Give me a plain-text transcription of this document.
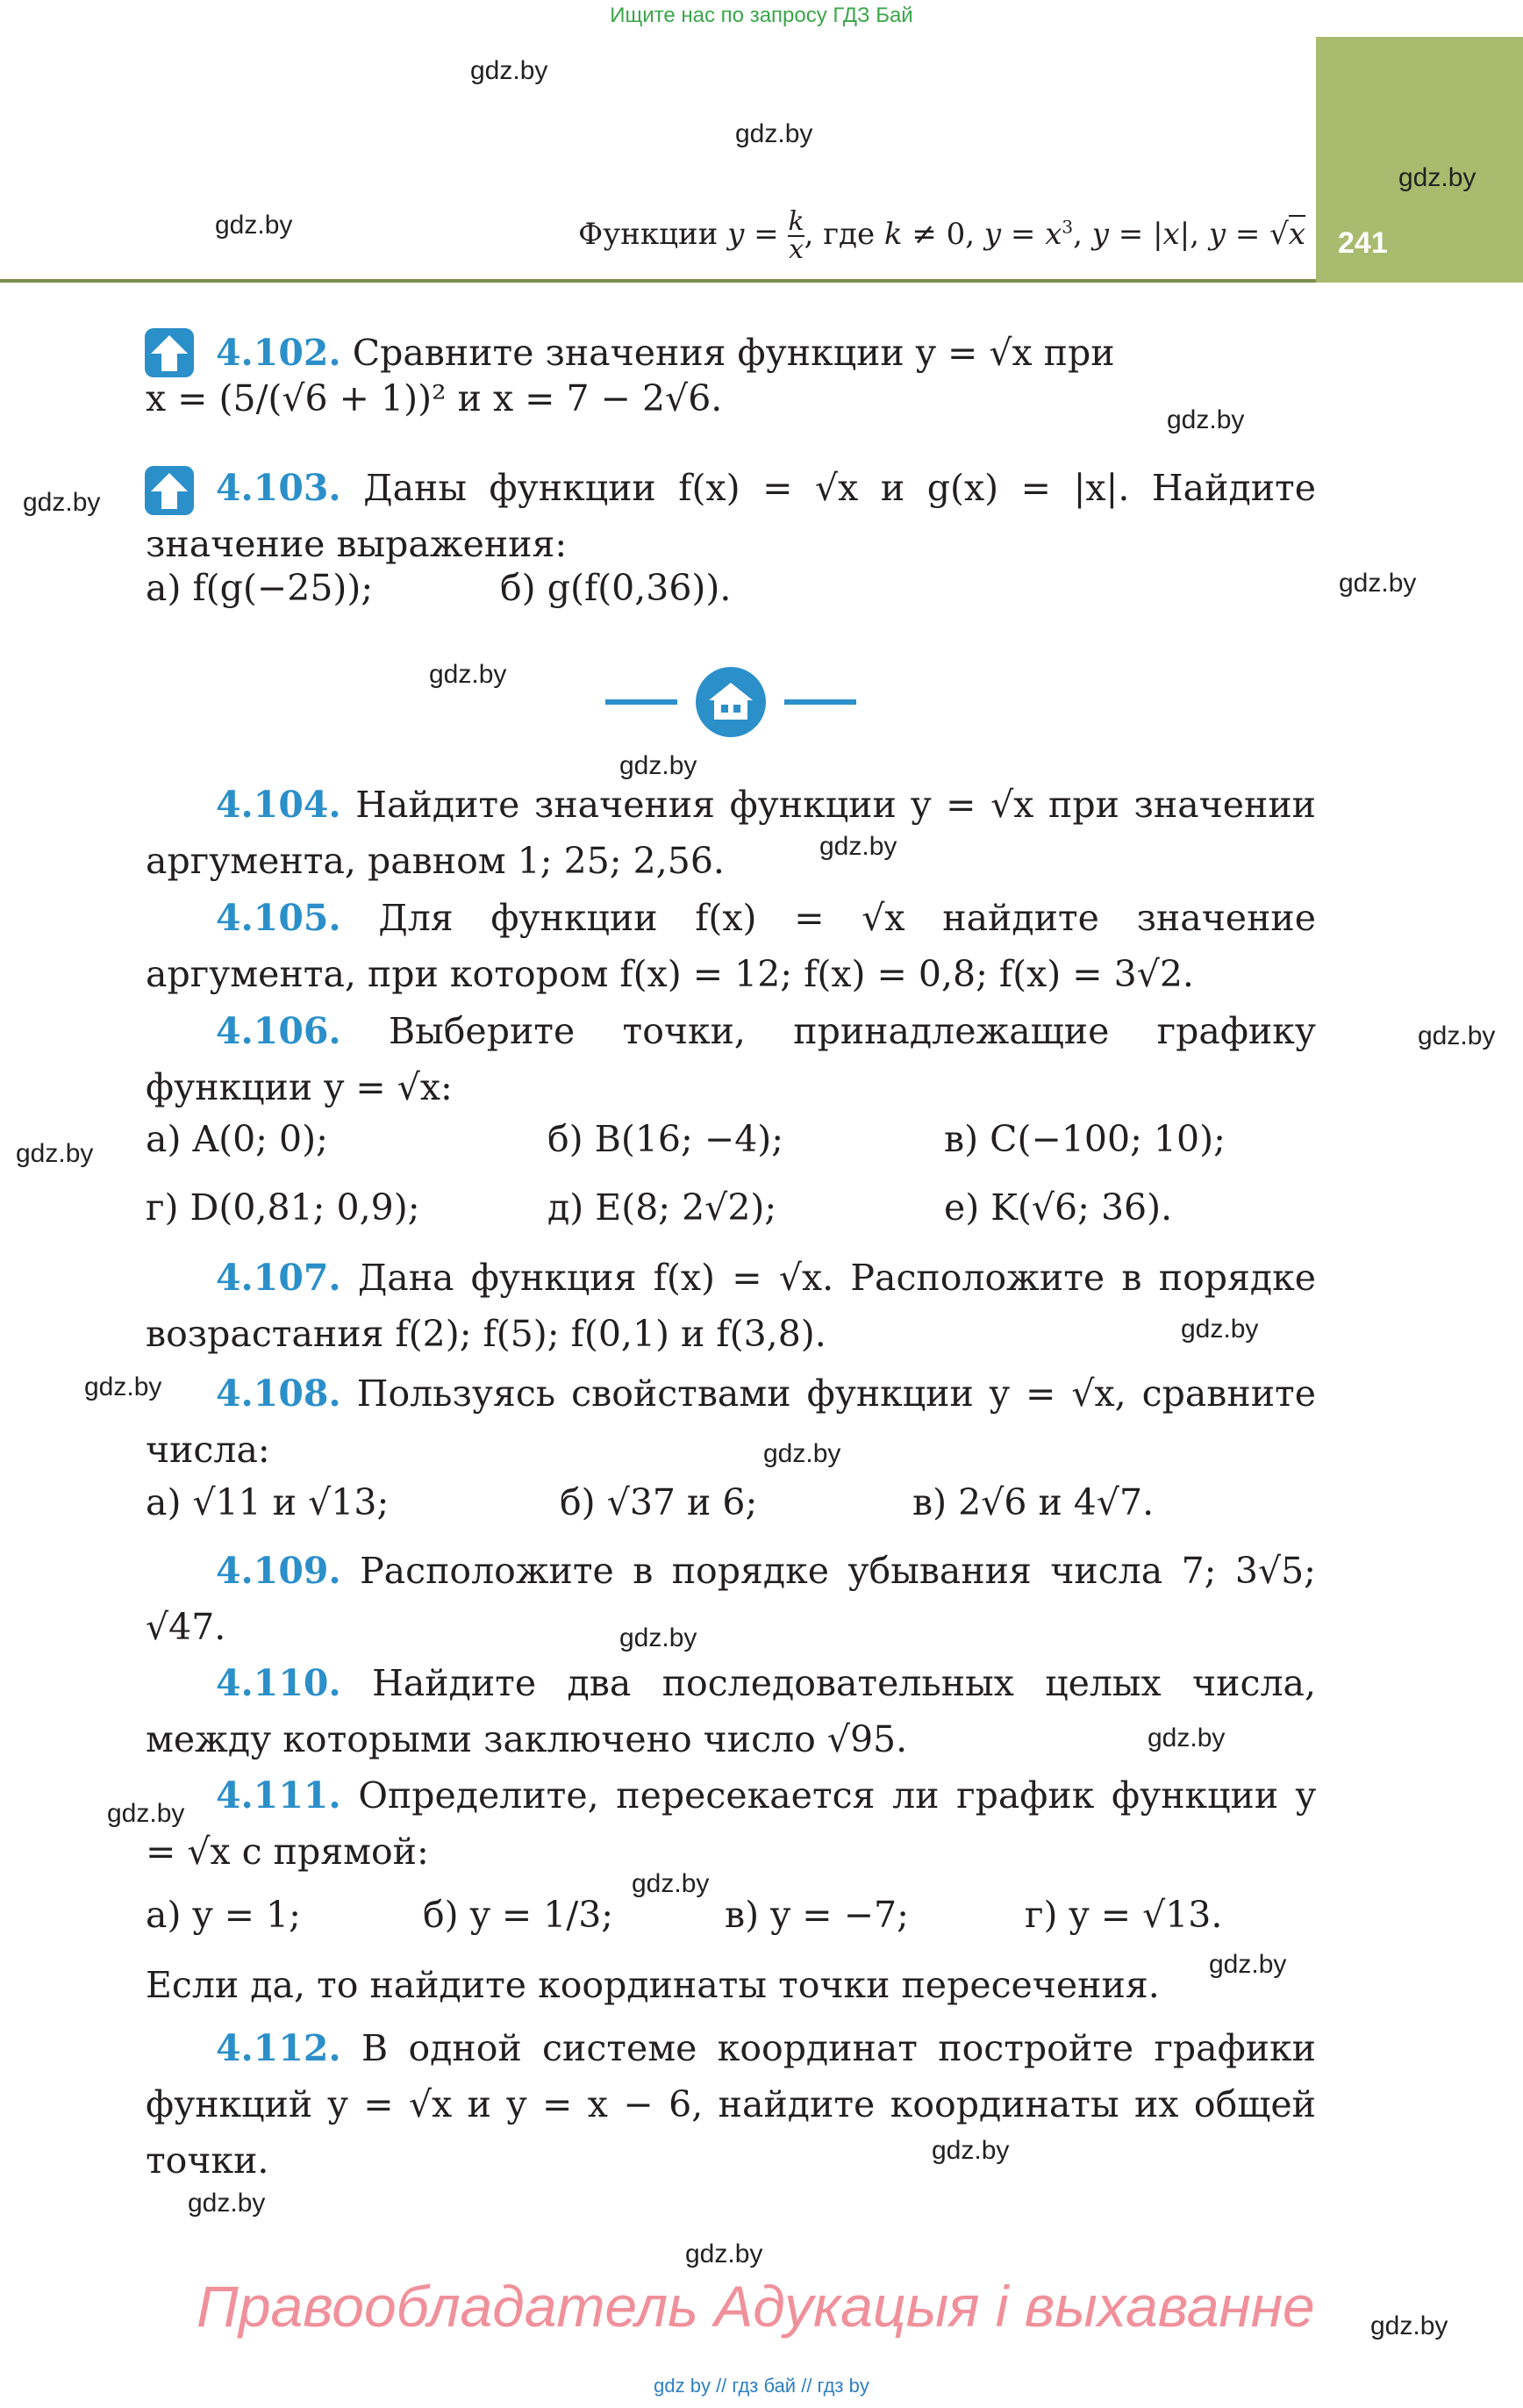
Ищите нас по запросу ГДЗ Бай
241
Функции $y = \frac{k}{x}$ , где k ≠ 0, $y = x^3$, y = |x|, y = √x
gdz.by
gdz.by
gdz.by
gdz.by
gdz.by
gdz.by
gdz.by
gdz.by
gdz.by
gdz.by
gdz.by
gdz.by
gdz.by
gdz.by
gdz.by
gdz.by
gdz.by
gdz.by
gdz.by
gdz.by
gdz.by
gdz.by
gdz.by
gdz.by
4.102. Сравните значения функции y = √x при
x = (5/(√6 + 1))² и x = 7 − 2√6.
4.103. Даны функции f(x) = √x и g(x) = |x|. Найдите значение выражения:
а) f(g(−25));	б) g(f(0,36)).
4.104. Найдите значения функции y = √x при значении аргумента, равном 1; 25; 2,56.
4.105. Для функции f(x) = √x найдите значение аргумента, при котором f(x) = 12; f(x) = 0,8; f(x) = 3√2.
4.106. Выберите точки, принадлежащие графику функции y = √x:
а) A(0; 0);	б) B(16; −4);	в) C(−100; 10);
г) D(0,81; 0,9);	д) E(8; 2√2);	е) K(√6; 36).
4.107. Дана функция f(x) = √x. Расположите в порядке возрастания f(2); f(5); f(0,1) и f(3,8).
4.108. Пользуясь свойствами функции y = √x, сравните числа:
а) √11 и √13;	б) √37 и 6;	в) 2√6 и 4√7.
4.109. Расположите в порядке убывания числа 7; 3√5; √47.
4.110. Найдите два последовательных целых числа, между которыми заключено число √95.
4.111. Определите, пересекается ли график функции y = √x с прямой:
а) y = 1;	б) y = 1/3;	в) y = −7;	г) y = √13.
Если да, то найдите координаты точки пересечения.
4.112. В одной системе координат постройте графики функций y = √x и y = x − 6, найдите координаты их общей точки.
Правообладатель Адукацыя і выхаванне
gdz by // гдз бай // гдз by
